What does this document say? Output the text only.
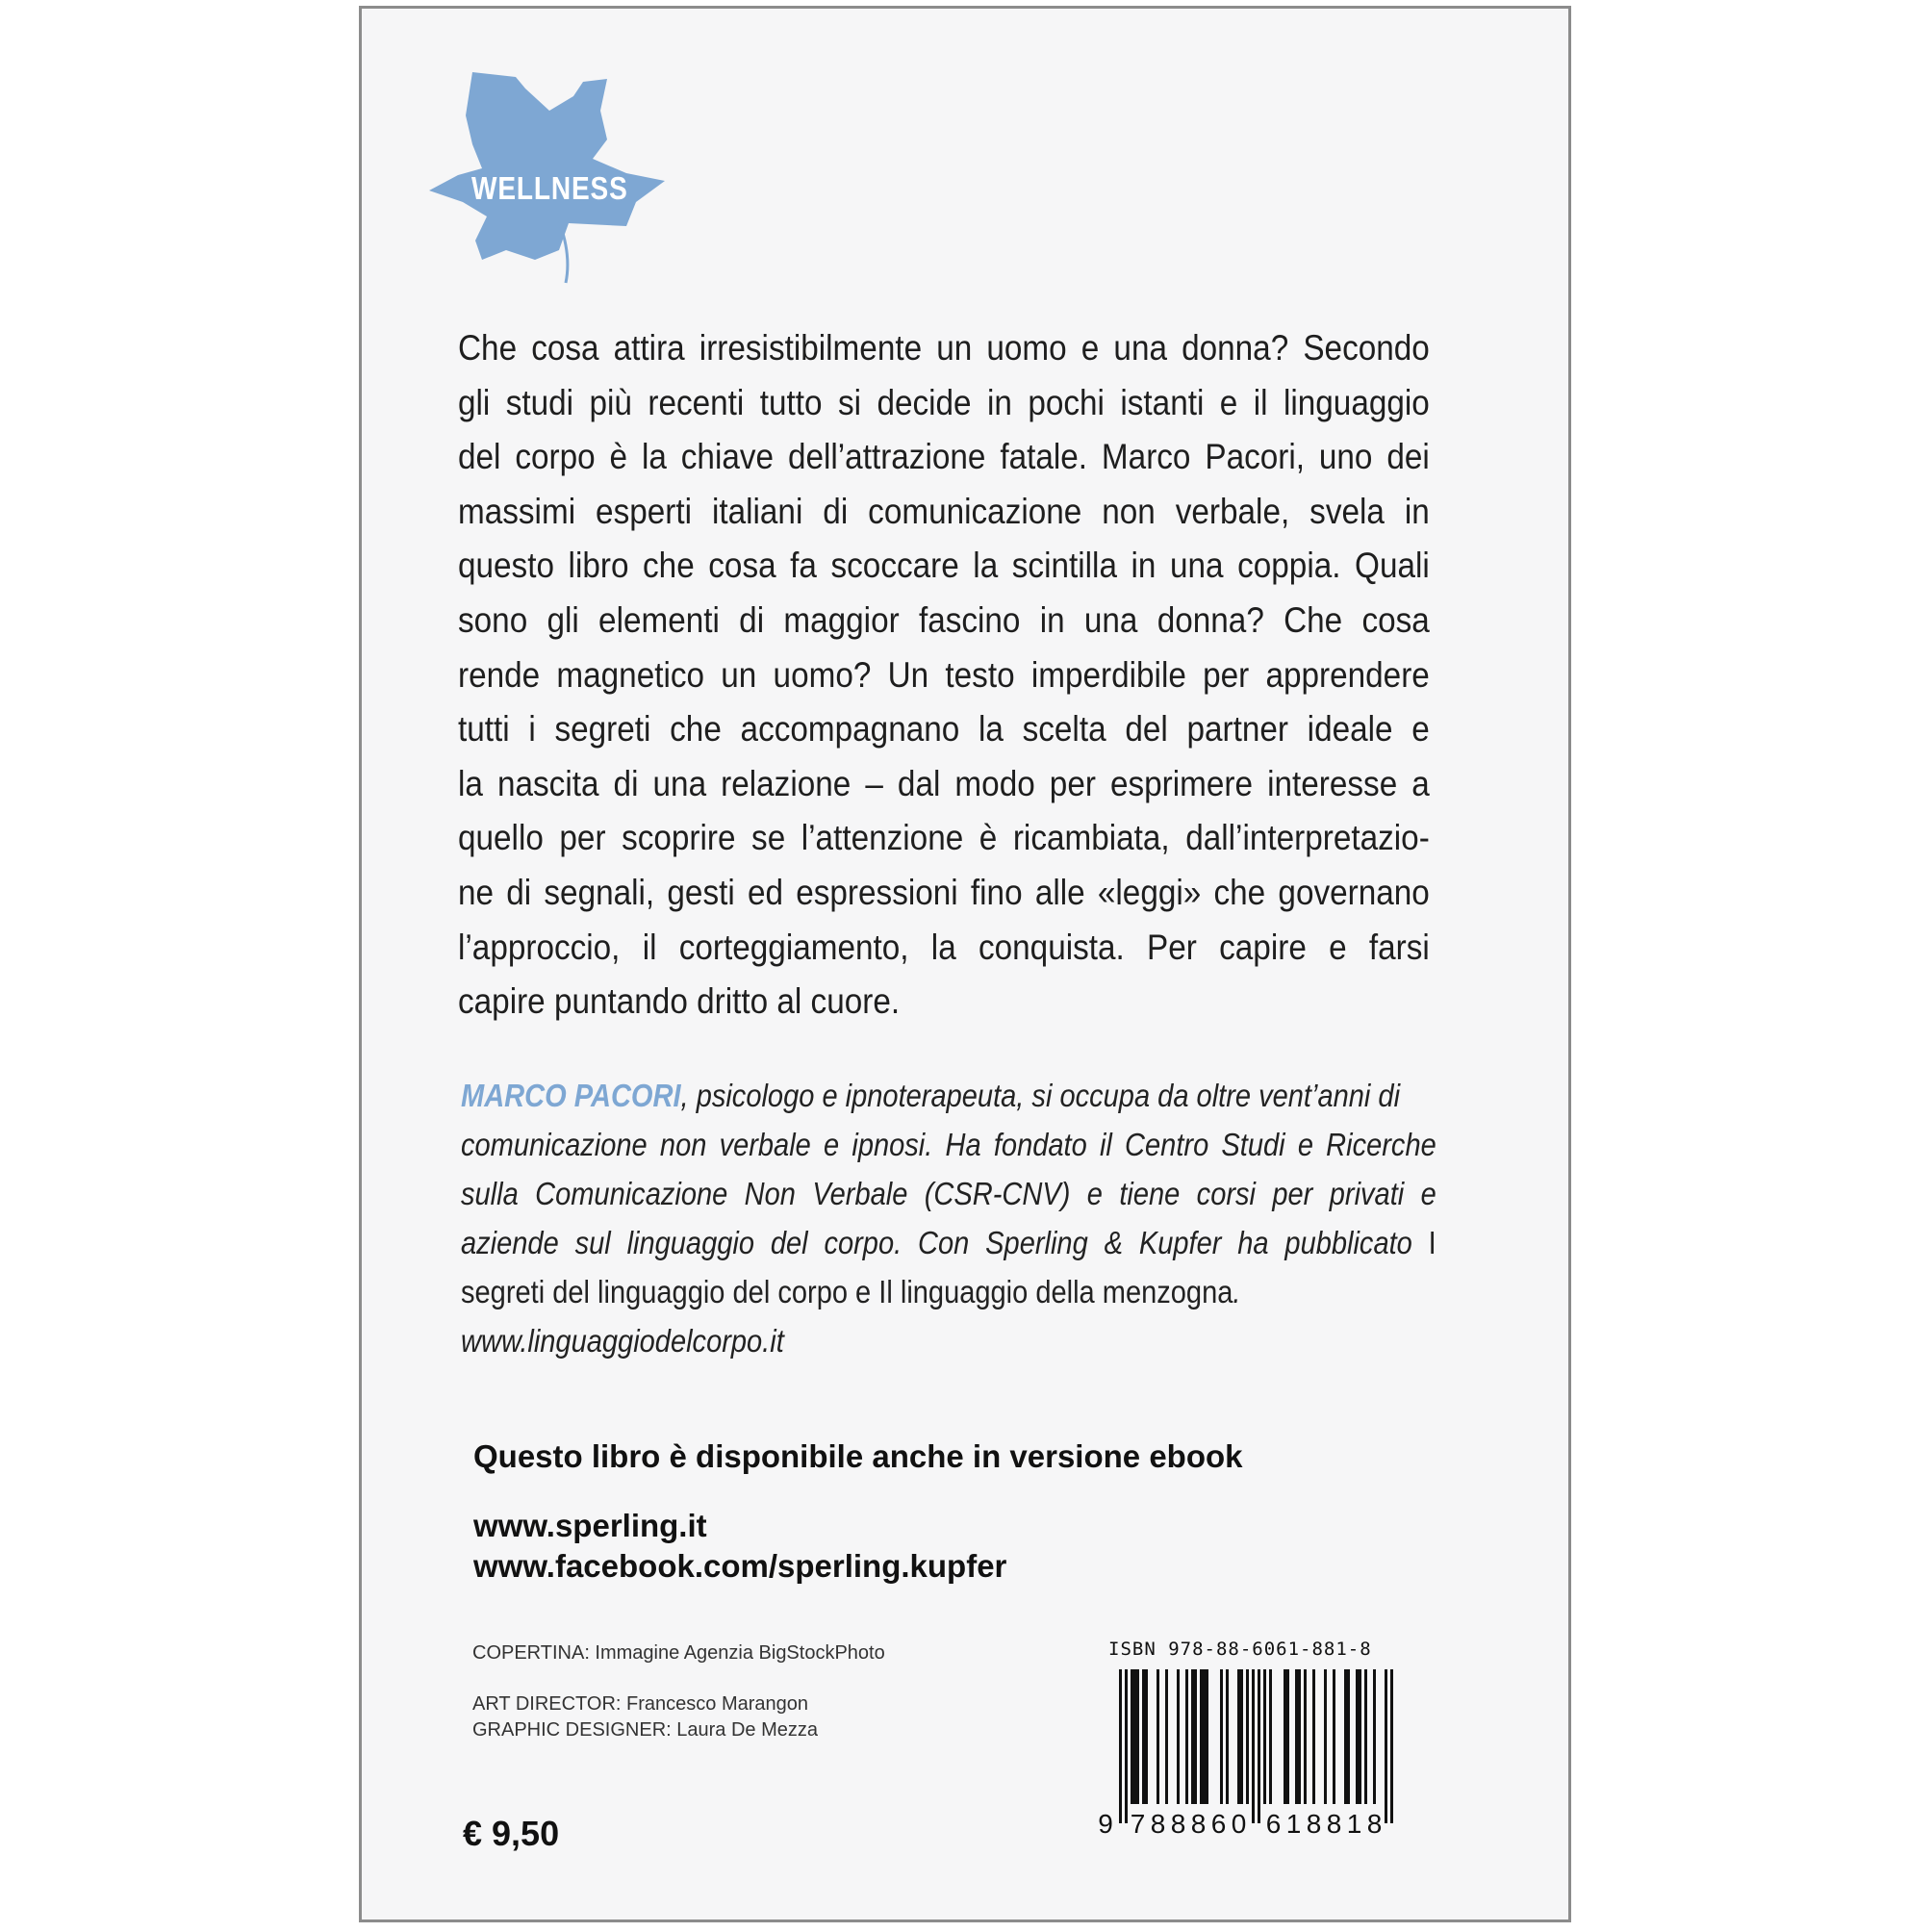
WELLNESS
Che cosa attira irresistibilmente un uomo e una donna? Secondo
gli studi più recenti tutto si decide in pochi istanti e il linguaggio
del corpo è la chiave dell’attrazione fatale. Marco Pacori, uno dei
massimi esperti italiani di comunicazione non verbale, svela in
questo libro che cosa fa scoccare la scintilla in una coppia. Quali
sono gli elementi di maggior fascino in una donna? Che cosa
rende magnetico un uomo? Un testo imperdibile per apprendere
tutti i segreti che accompagnano la scelta del partner ideale e
la nascita di una relazione – dal modo per esprimere interesse a
quello per scoprire se l’attenzione è ricambiata, dall’interpretazio-
ne di segnali, gesti ed espressioni fino alle «leggi» che governano
l’approccio, il corteggiamento, la conquista. Per capire e farsi
capire puntando dritto al cuore.
MARCO PACORI, psicologo e ipnoterapeuta, si occupa da oltre vent’anni di
comunicazione non verbale e ipnosi. Ha fondato il Centro Studi e Ricerche
sulla Comunicazione Non Verbale (CSR-CNV) e tiene corsi per privati e
aziende sul linguaggio del corpo. Con Sperling & Kupfer ha pubblicato I
segreti del linguaggio del corpo e Il linguaggio della menzogna.
www.linguaggiodelcorpo.it
Questo libro è disponibile anche in versione ebook
www.sperling.it
www.facebook.com/sperling.kupfer
COPERTINA: Immagine Agenzia BigStockPhoto
ART DIRECTOR: Francesco Marangon
GRAPHIC DESIGNER: Laura De Mezza
€ 9,50
ISBN 978-88-6061-881-8
9 7 8 8 8 6 0 6 1 8 8 1 8
